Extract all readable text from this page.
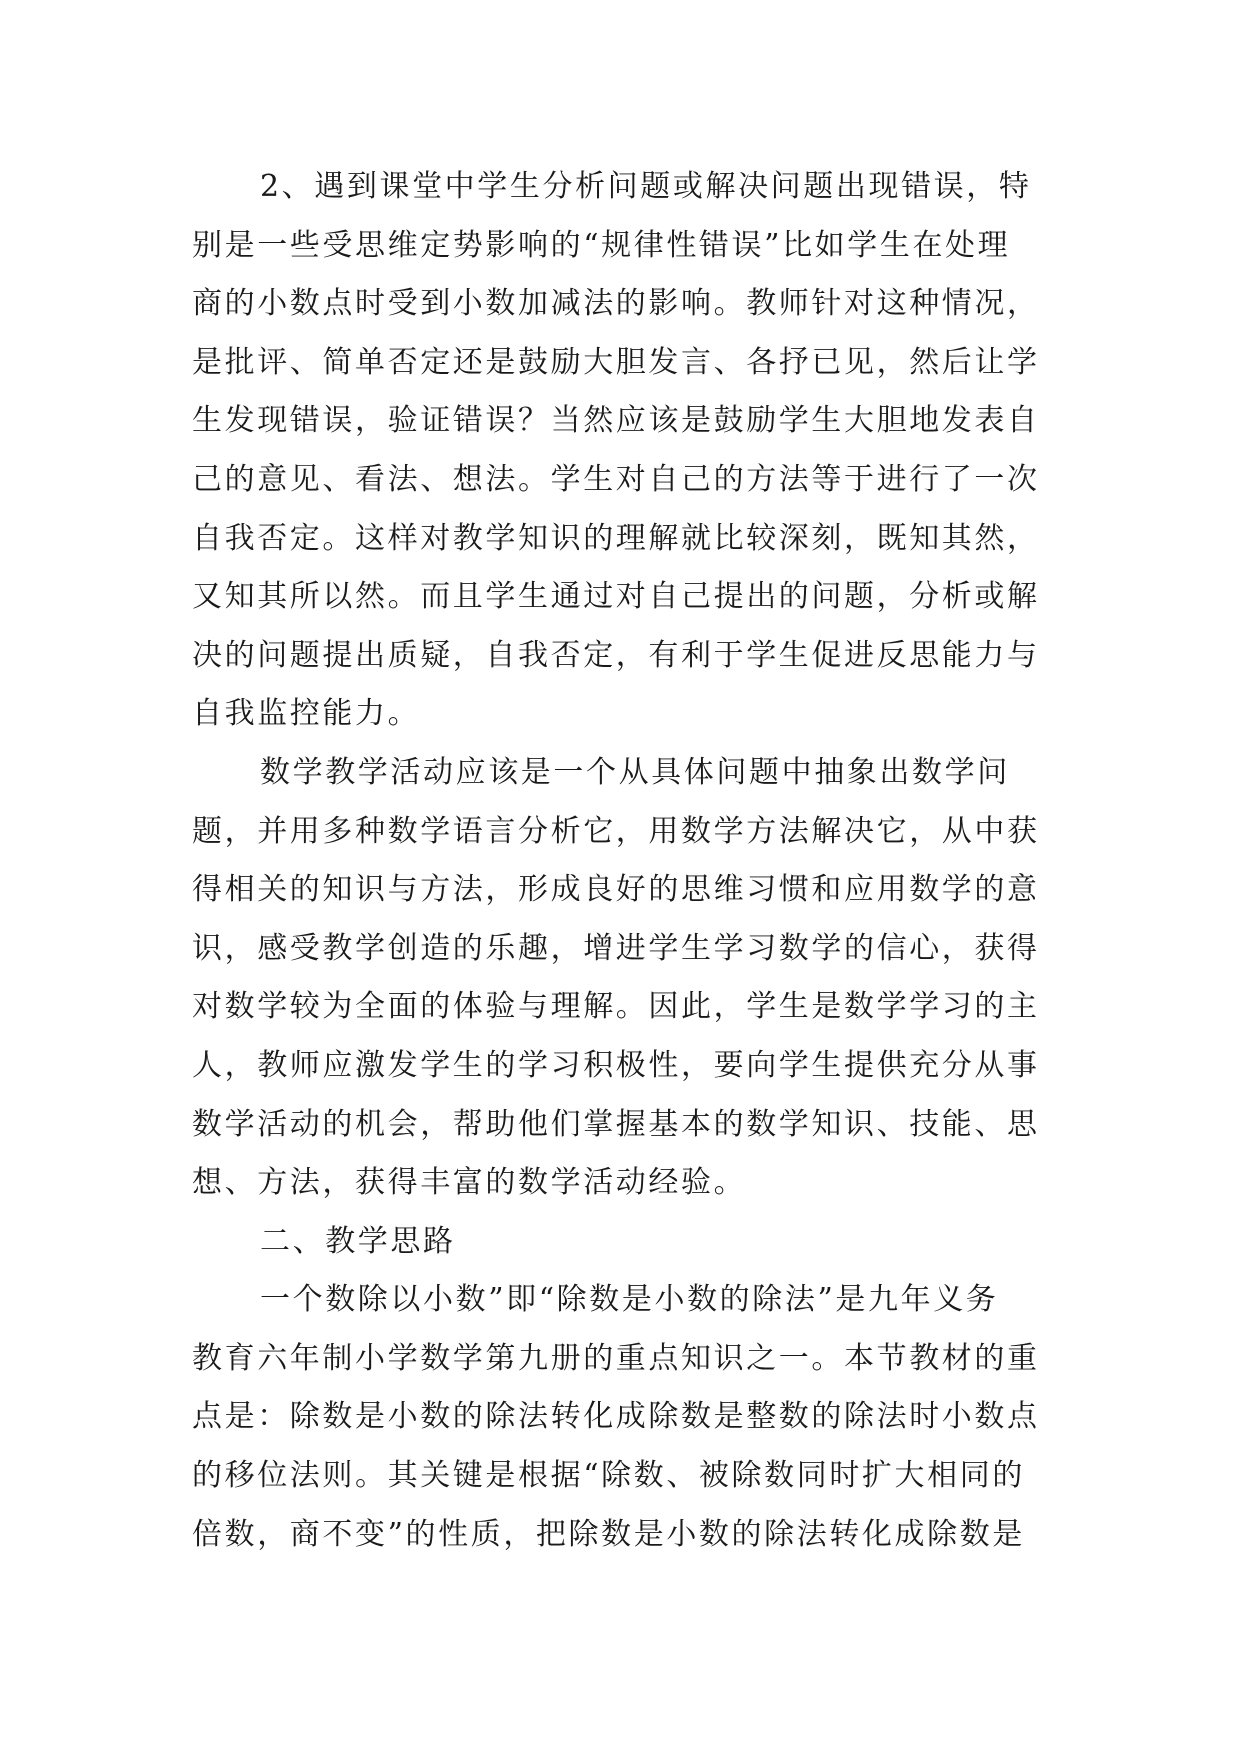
2、遇到课堂中学生分析问题或解决问题出现错误，特
别是一些受思维定势影响的“规律性错误”比如学生在处理
商的小数点时受到小数加减法的影响。教师针对这种情况，
是批评、简单否定还是鼓励大胆发言、各抒已见，然后让学
生发现错误，验证错误？当然应该是鼓励学生大胆地发表自
己的意见、看法、想法。学生对自己的方法等于进行了一次
自我否定。这样对教学知识的理解就比较深刻，既知其然，
又知其所以然。而且学生通过对自己提出的问题，分析或解
决的问题提出质疑，自我否定，有利于学生促进反思能力与
自我监控能力。
数学教学活动应该是一个从具体问题中抽象出数学问
题，并用多种数学语言分析它，用数学方法解决它，从中获
得相关的知识与方法，形成良好的思维习惯和应用数学的意
识，感受教学创造的乐趣，增进学生学习数学的信心，获得
对数学较为全面的体验与理解。因此，学生是数学学习的主
人，教师应激发学生的学习积极性，要向学生提供充分从事
数学活动的机会，帮助他们掌握基本的数学知识、技能、思
想、方法，获得丰富的数学活动经验。
二、教学思路
一个数除以小数”即“除数是小数的除法”是九年义务
教育六年制小学数学第九册的重点知识之一。本节教材的重
点是：除数是小数的除法转化成除数是整数的除法时小数点
的移位法则。其关键是根据“除数、被除数同时扩大相同的
倍数，商不变”的性质，把除数是小数的除法转化成除数是
